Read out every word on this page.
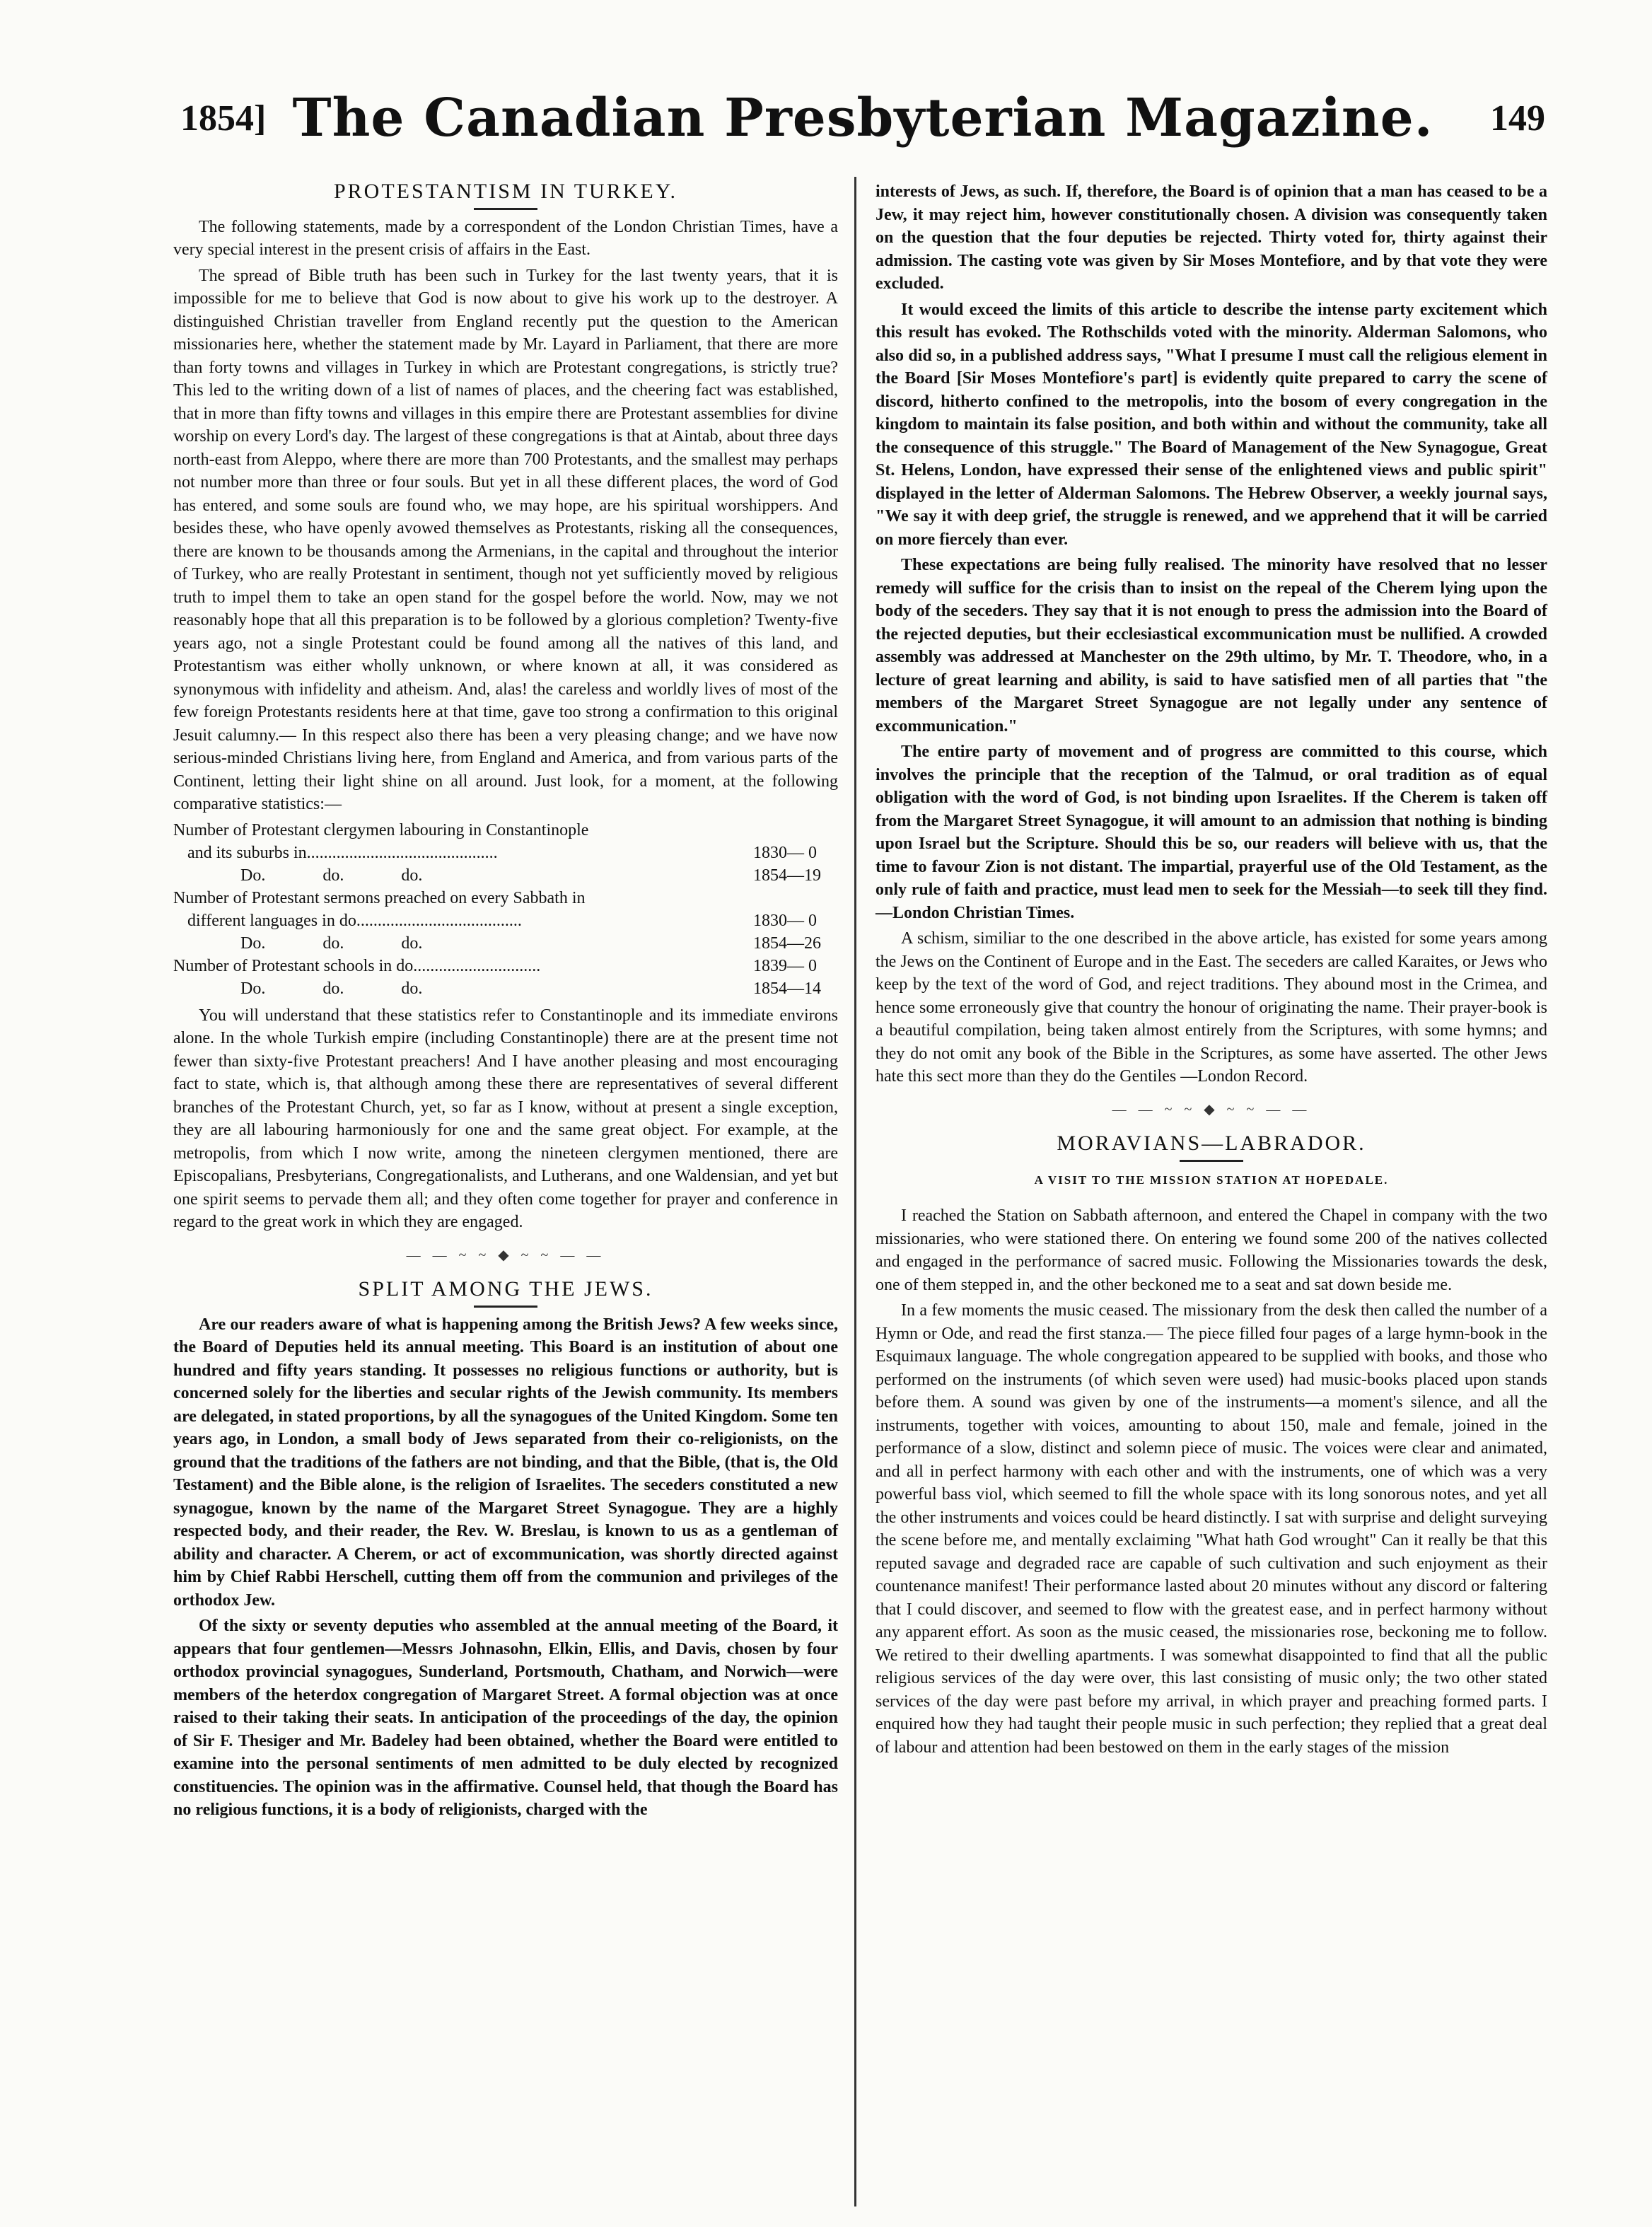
1854] The Canadian Presbyterian Magazine.	149
PROTESTANTISM IN TURKEY.

The following statements, made by a correspondent of the London Christian Times, have a very special interest in the present crisis of affairs in the East.

The spread of Bible truth has been such in Turkey for the last twenty years, that it is impossible for me to believe that God is now about to give his work up to the destroyer. A distinguished Christian traveller from England recently put the question to the American missionaries here, whether the statement made by Mr. Layard in Parliament, that there are more than forty towns and villages in Turkey in which are Protestant congregations, is strictly true? This led to the writing down of a list of names of places, and the cheering fact was established, that in more than fifty towns and villages in this empire there are Protestant assemblies for divine worship on every Lord's day. The largest of these congregations is that at Aintab, about three days north-east from Aleppo, where there are more than 700 Protestants, and the smallest may perhaps not number more than three or four souls. But yet in all these different places, the word of God has entered, and some souls are found who, we may hope, are his spiritual worshippers. And besides these, who have openly avowed themselves as Protestants, risking all the consequences, there are known to be thousands among the Armenians, in the capital and throughout the interior of Turkey, who are really Protestant in sentiment, though not yet sufficiently moved by religious truth to impel them to take an open stand for the gospel before the world. Now, may we not reasonably hope that all this preparation is to be followed by a glorious completion? Twenty-five years ago, not a single Protestant could be found among all the natives of this land, and Protestantism was either wholly unknown, or where known at all, it was considered as synonymous with infidelity and atheism. And, alas! the careless and worldly lives of most of the few foreign Protestants residents here at that time, gave too strong a confirmation to this original Jesuit calumny.— In this respect also there has been a very pleasing change; and we have now serious-minded Christians living here, from England and America, and from various parts of the Continent, letting their light shine on all around. Just look, for a moment, at the following comparative statistics:—

Number of Protestant clergymen labouring in Constantinople
and its suburbs in.............................................	1830— 0
Do. do. do.	1854—19
Number of Protestant sermons preached on every Sabbath in
different languages in do.......................................	1830— 0
Do. do. do.	1854—26
Number of Protestant schools in do..............................	1839— 0
Do. do. do.	1854—14

You will understand that these statistics refer to Constantinople and its immediate environs alone. In the whole Turkish empire (including Constantinople) there are at the present time not fewer than sixty-five Protestant preachers! And I have another pleasing and most encouraging fact to state, which is, that although among these there are representatives of several different branches of the Protestant Church, yet, so far as I know, without at present a single exception, they are all labouring harmoniously for one and the same great object. For example, at the metropolis, from which I now write, among the nineteen clergymen mentioned, there are Episcopalians, Presbyterians, Congregationalists, and Lutherans, and one Waldensian, and yet but one spirit seems to pervade them all; and they often come together for prayer and conference in regard to the great work in which they are engaged.

— — ~ ~ ◆ ~ ~ — —
SPLIT AMONG THE JEWS.

Are our readers aware of what is happening among the British Jews? A few weeks since, the Board of Deputies held its annual meeting. This Board is an institution of about one hundred and fifty years standing. It possesses no religious functions or authority, but is concerned solely for the liberties and secular rights of the Jewish community. Its members are delegated, in stated proportions, by all the synagogues of the United Kingdom. Some ten years ago, in London, a small body of Jews separated from their co-religionists, on the ground that the traditions of the fathers are not binding, and that the Bible, (that is, the Old Testament) and the Bible alone, is the religion of Israelites. The seceders constituted a new synagogue, known by the name of the Margaret Street Synagogue. They are a highly respected body, and their reader, the Rev. W. Breslau, is known to us as a gentleman of ability and character. A Cherem, or act of excommunication, was shortly directed against him by Chief Rabbi Herschell, cutting them off from the communion and privileges of the orthodox Jew.

Of the sixty or seventy deputies who assembled at the annual meeting of the Board, it appears that four gentlemen—Messrs Johnasohn, Elkin, Ellis, and Davis, chosen by four orthodox provincial synagogues, Sunderland, Portsmouth, Chatham, and Norwich—were members of the heterdox congregation of Margaret Street. A formal objection was at once raised to their taking their seats. In anticipation of the proceedings of the day, the opinion of Sir F. Thesiger and Mr. Badeley had been obtained, whether the Board were entitled to examine into the personal sentiments of men admitted to be duly elected by recognized constituencies. The opinion was in the affirmative. Counsel held, that though the Board has no religious functions, it is a body of religionists, charged with the

interests of Jews, as such. If, therefore, the Board is of opinion that a man has ceased to be a Jew, it may reject him, however constitutionally chosen. A division was consequently taken on the question that the four deputies be rejected. Thirty voted for, thirty against their admission. The casting vote was given by Sir Moses Montefiore, and by that vote they were excluded.

It would exceed the limits of this article to describe the intense party excitement which this result has evoked. The Rothschilds voted with the minority. Alderman Salomons, who also did so, in a published address says, "What I presume I must call the religious element in the Board [Sir Moses Montefiore's part] is evidently quite prepared to carry the scene of discord, hitherto confined to the metropolis, into the bosom of every congregation in the kingdom to maintain its false position, and both within and without the community, take all the consequence of this struggle." The Board of Management of the New Synagogue, Great St. Helens, London, have expressed their sense of the enlightened views and public spirit" displayed in the letter of Alderman Salomons. The Hebrew Observer, a weekly journal says, "We say it with deep grief, the struggle is renewed, and we apprehend that it will be carried on more fiercely than ever.

These expectations are being fully realised. The minority have resolved that no lesser remedy will suffice for the crisis than to insist on the repeal of the Cherem lying upon the body of the seceders. They say that it is not enough to press the admission into the Board of the rejected deputies, but their ecclesiastical excommunication must be nullified. A crowded assembly was addressed at Manchester on the 29th ultimo, by Mr. T. Theodore, who, in a lecture of great learning and ability, is said to have satisfied men of all parties that "the members of the Margaret Street Synagogue are not legally under any sentence of excommunication."

The entire party of movement and of progress are committed to this course, which involves the principle that the reception of the Talmud, or oral tradition as of equal obligation with the word of God, is not binding upon Israelites. If the Cherem is taken off from the Margaret Street Synagogue, it will amount to an admission that nothing is binding upon Israel but the Scripture. Should this be so, our readers will believe with us, that the time to favour Zion is not distant. The impartial, prayerful use of the Old Testament, as the only rule of faith and practice, must lead men to seek for the Messiah—to seek till they find.—London Christian Times.

A schism, similiar to the one described in the above article, has existed for some years among the Jews on the Continent of Europe and in the East. The seceders are called Karaites, or Jews who keep by the text of the word of God, and reject traditions. They abound most in the Crimea, and hence some erroneously give that country the honour of originating the name. Their prayer-book is a beautiful compilation, being taken almost entirely from the Scriptures, with some hymns; and they do not omit any book of the Bible in the Scriptures, as some have asserted. The other Jews hate this sect more than they do the Gentiles —London Record.

— — ~ ~ ◆ ~ ~ — —
MORAVIANS—LABRADOR.
A VISIT TO THE MISSION STATION AT HOPEDALE.

I reached the Station on Sabbath afternoon, and entered the Chapel in company with the two missionaries, who were stationed there. On entering we found some 200 of the natives collected and engaged in the performance of sacred music. Following the Missionaries towards the desk, one of them stepped in, and the other beckoned me to a seat and sat down beside me.

In a few moments the music ceased. The missionary from the desk then called the number of a Hymn or Ode, and read the first stanza.— The piece filled four pages of a large hymn-book in the Esquimaux language. The whole congregation appeared to be supplied with books, and those who performed on the instruments (of which seven were used) had music-books placed upon stands before them. A sound was given by one of the instruments—a moment's silence, and all the instruments, together with voices, amounting to about 150, male and female, joined in the performance of a slow, distinct and solemn piece of music. The voices were clear and animated, and all in perfect harmony with each other and with the instruments, one of which was a very powerful bass viol, which seemed to fill the whole space with its long sonorous notes, and yet all the other instruments and voices could be heard distinctly. I sat with surprise and delight surveying the scene before me, and mentally exclaiming "What hath God wrought" Can it really be that this reputed savage and degraded race are capable of such cultivation and such enjoyment as their countenance manifest! Their performance lasted about 20 minutes without any discord or faltering that I could discover, and seemed to flow with the greatest ease, and in perfect harmony without any apparent effort. As soon as the music ceased, the missionaries rose, beckoning me to follow. We retired to their dwelling apartments. I was somewhat disappointed to find that all the public religious services of the day were over, this last consisting of music only; the two other stated services of the day were past before my arrival, in which prayer and preaching formed parts. I enquired how they had taught their people music in such perfection; they replied that a great deal of labour and attention had been bestowed on them in the early stages of the mission
